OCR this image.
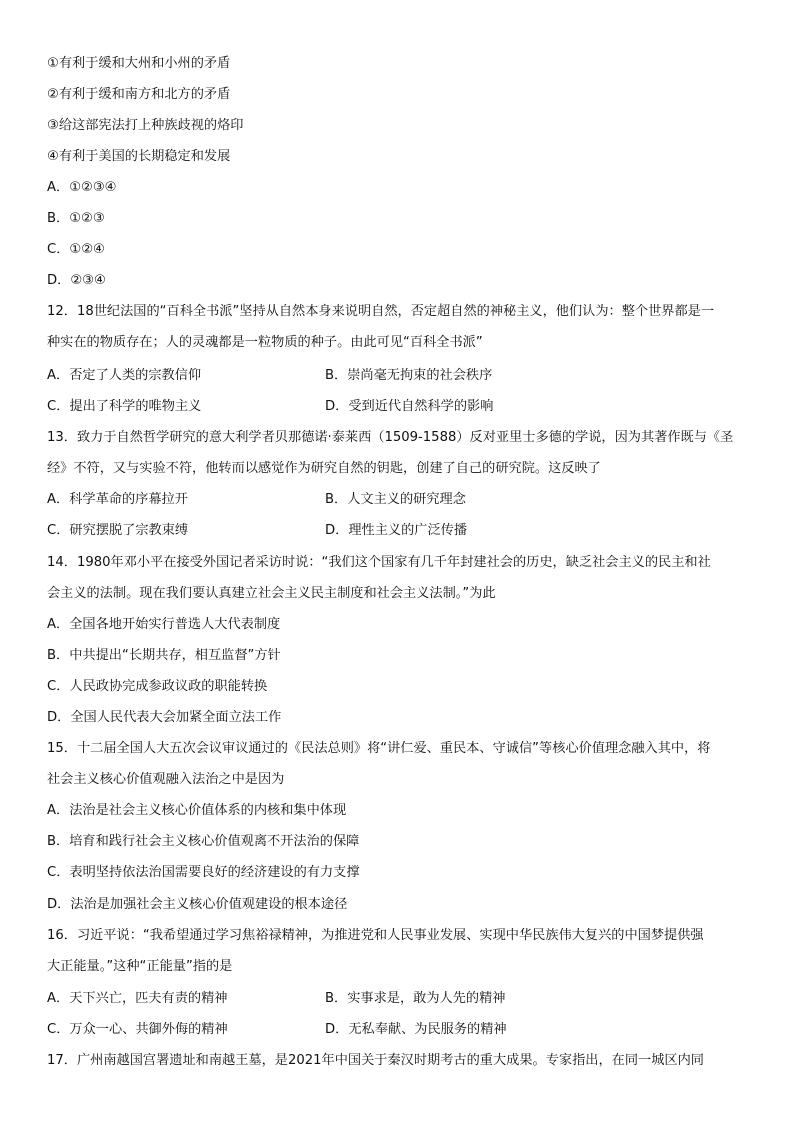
①有利于缓和大州和小州的矛盾
②有利于缓和南方和北方的矛盾
③给这部宪法打上种族歧视的烙印
④有利于美国的长期稳定和发展
A．①②③④
B．①②③
C．①②④
D．②③④
12．18世纪法国的“百科全书派”坚持从自然本身来说明自然，否定超自然的神秘主义，他们认为：整个世界都是一
种实在的物质存在；人的灵魂都是一粒物质的种子。由此可见“百科全书派”
A．否定了人类的宗教信仰	B．崇尚毫无拘束的社会秩序
C．提出了科学的唯物主义	D．受到近代自然科学的影响
13．致力于自然哲学研究的意大利学者贝那德诺·泰莱西（1509-1588）反对亚里士多德的学说，因为其著作既与《圣
经》不符，又与实验不符，他转而以感觉作为研究自然的钥匙，创建了自己的研究院。这反映了
A．科学革命的序幕拉开	B．人文主义的研究理念
C．研究摆脱了宗教束缚	D．理性主义的广泛传播
14．1980年邓小平在接受外国记者采访时说：“我们这个国家有几千年封建社会的历史，缺乏社会主义的民主和社
会主义的法制。现在我们要认真建立社会主义民主制度和社会主义法制。”为此
A．全国各地开始实行普选人大代表制度
B．中共提出“长期共存，相互监督”方针
C．人民政协完成参政议政的职能转换
D．全国人民代表大会加紧全面立法工作
15．十二届全国人大五次会议审议通过的《民法总则》将“讲仁爱、重民本、守诚信”等核心价值理念融入其中，将
社会主义核心价值观融入法治之中是因为
A．法治是社会主义核心价值体系的内核和集中体现
B．培育和践行社会主义核心价值观离不开法治的保障
C．表明坚持依法治国需要良好的经济建设的有力支撑
D．法治是加强社会主义核心价值观建设的根本途径
16．习近平说：“我希望通过学习焦裕禄精神，为推进党和人民事业发展、实现中华民族伟大复兴的中国梦提供强
大正能量。”这种“正能量”指的是
A．天下兴亡，匹夫有责的精神	B．实事求是，敢为人先的精神
C．万众一心、共御外侮的精神	D．无私奉献、为民服务的精神
17．广州南越国宫署遗址和南越王墓，是2021年中国关于秦汉时期考古的重大成果。专家指出，在同一城区内同
